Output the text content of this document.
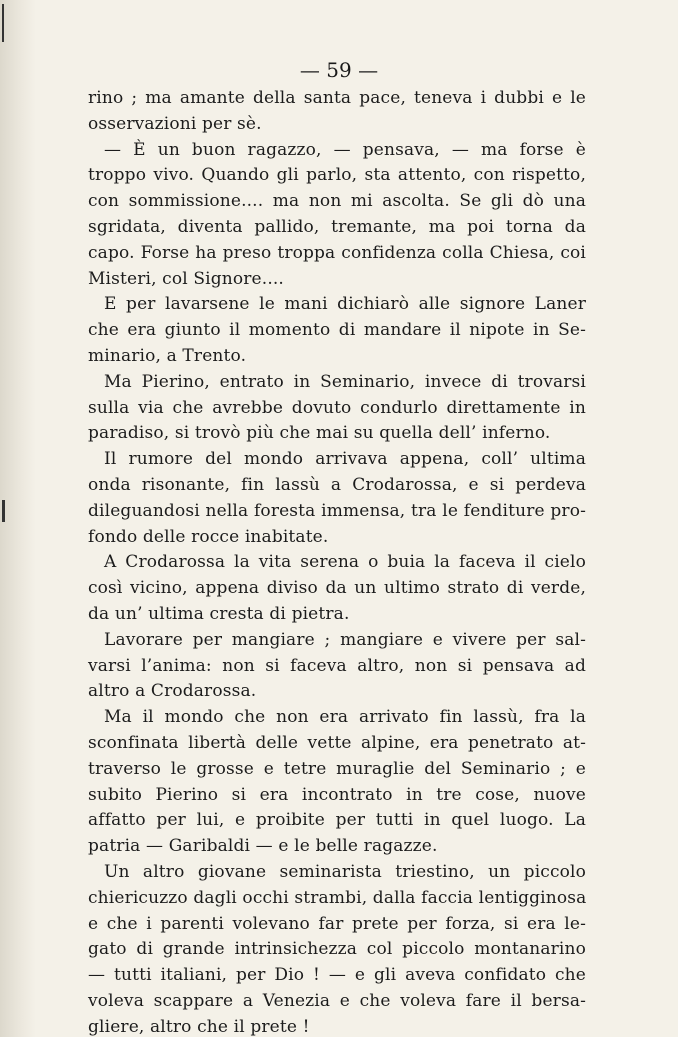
— 59 —
rino ; ma amante della santa pace, teneva i dubbi e le
osservazioni per sè.
— È un buon ragazzo, — pensava, — ma forse è
troppo vivo. Quando gli parlo, sta attento, con rispetto,
con sommissione.... ma non mi ascolta. Se gli dò una
sgridata, diventa pallido, tremante, ma poi torna da
capo. Forse ha preso troppa confidenza colla Chiesa, coi
Misteri, col Signore....
E per lavarsene le mani dichiarò alle signore Laner
che era giunto il momento di mandare il nipote in Se-
minario, a Trento.
Ma Pierino, entrato in Seminario, invece di trovarsi
sulla via che avrebbe dovuto condurlo direttamente in
paradiso, si trovò più che mai su quella dell’ inferno.
Il rumore del mondo arrivava appena, coll’ ultima
onda risonante, fin lassù a Crodarossa, e si perdeva
dileguandosi nella foresta immensa, tra le fenditure pro-
fondo delle rocce inabitate.
A Crodarossa la vita serena o buia la faceva il cielo
così vicino, appena diviso da un ultimo strato di verde,
da un’ ultima cresta di pietra.
Lavorare per mangiare ; mangiare e vivere per sal-
varsi l’anima: non si faceva altro, non si pensava ad
altro a Crodarossa.
Ma il mondo che non era arrivato fin lassù, fra la
sconfinata libertà delle vette alpine, era penetrato at-
traverso le grosse e tetre muraglie del Seminario ; e
subito Pierino si era incontrato in tre cose, nuove
affatto per lui, e proibite per tutti in quel luogo. La
patria — Garibaldi — e le belle ragazze.
Un altro giovane seminarista triestino, un piccolo
chiericuzzo dagli occhi strambi, dalla faccia lentigginosa
e che i parenti volevano far prete per forza, si era le-
gato di grande intrinsichezza col piccolo montanarino
— tutti italiani, per Dio ! — e gli aveva confidato che
voleva scappare a Venezia e che voleva fare il bersa-
gliere, altro che il prete !
